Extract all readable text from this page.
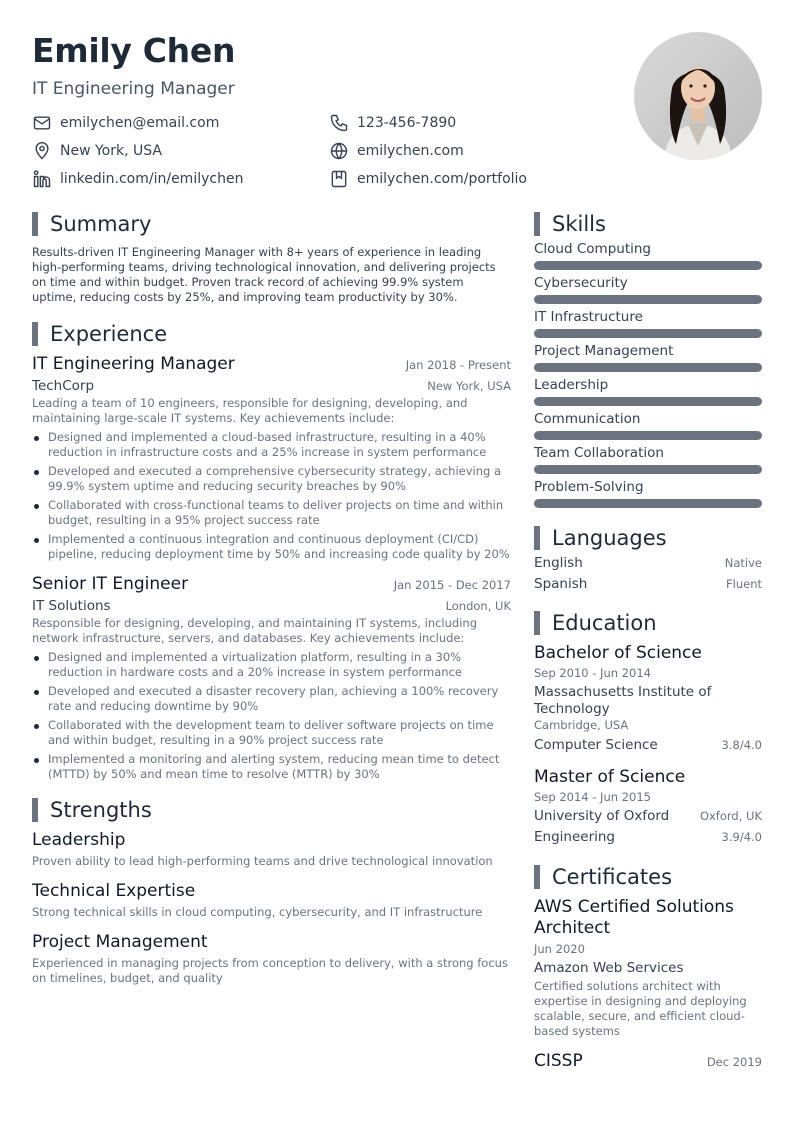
Emily Chen
IT Engineering Manager
emilychen@email.com	123-456-7890
New York, USA	emilychen.com
linkedin.com/in/emilychen	emilychen.com/portfolio
Summary
Results-driven IT Engineering Manager with 8+ years of experience in leading high-performing teams, driving technological innovation, and delivering projects on time and within budget. Proven track record of achieving 99.9% system uptime, reducing costs by 25%, and improving team productivity by 30%.
Experience
IT Engineering Manager	Jan 2018 - Present
TechCorp	New York, USA
Leading a team of 10 engineers, responsible for designing, developing, and maintaining large-scale IT systems. Key achievements include:
Designed and implemented a cloud-based infrastructure, resulting in a 40% reduction in infrastructure costs and a 25% increase in system performance
Developed and executed a comprehensive cybersecurity strategy, achieving a 99.9% system uptime and reducing security breaches by 90%
Collaborated with cross-functional teams to deliver projects on time and within budget, resulting in a 95% project success rate
Implemented a continuous integration and continuous deployment (CI/CD) pipeline, reducing deployment time by 50% and increasing code quality by 20%
Senior IT Engineer	Jan 2015 - Dec 2017
IT Solutions	London, UK
Responsible for designing, developing, and maintaining IT systems, including network infrastructure, servers, and databases. Key achievements include:
Designed and implemented a virtualization platform, resulting in a 30% reduction in hardware costs and a 20% increase in system performance
Developed and executed a disaster recovery plan, achieving a 100% recovery rate and reducing downtime by 90%
Collaborated with the development team to deliver software projects on time and within budget, resulting in a 90% project success rate
Implemented a monitoring and alerting system, reducing mean time to detect (MTTD) by 50% and mean time to resolve (MTTR) by 30%
Strengths
Leadership
Proven ability to lead high-performing teams and drive technological innovation
Technical Expertise
Strong technical skills in cloud computing, cybersecurity, and IT infrastructure
Project Management
Experienced in managing projects from conception to delivery, with a strong focus on timelines, budget, and quality
Skills
Cloud Computing
Cybersecurity
IT Infrastructure
Project Management
Leadership
Communication
Team Collaboration
Problem-Solving
Languages
English	Native
Spanish	Fluent
Education
Bachelor of Science
Sep 2010 - Jun 2014
Massachusetts Institute of Technology
Cambridge, USA
Computer Science	3.8/4.0
Master of Science
Sep 2014 - Jun 2015
University of Oxford	Oxford, UK
Engineering	3.9/4.0
Certificates
AWS Certified Solutions Architect
Jun 2020
Amazon Web Services
Certified solutions architect with expertise in designing and deploying scalable, secure, and efficient cloud-based systems
CISSP	Dec 2019
